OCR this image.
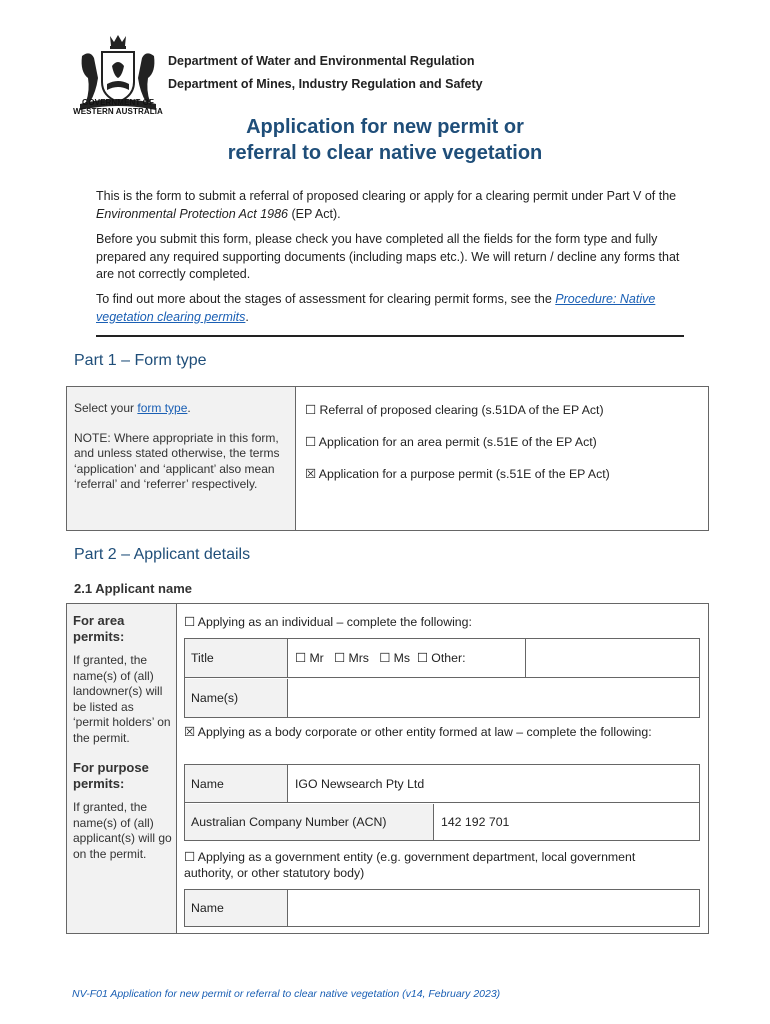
GOVERNMENT OF
WESTERN AUSTRALIA
Department of Water and Environmental Regulation
Department of Mines, Industry Regulation and Safety
Application for new permit or
referral to clear native vegetation
This is the form to submit a referral of proposed clearing or apply for a clearing permit under Part V of the Environmental Protection Act 1986 (EP Act).
Before you submit this form, please check you have completed all the fields for the form type and fully prepared any required supporting documents (including maps etc.). We will return / decline any forms that are not correctly completed.
To find out more about the stages of assessment for clearing permit forms, see the Procedure: Native vegetation clearing permits.
Part 1 – Form type
Select your form type.
NOTE: Where appropriate in this form, and unless stated otherwise, the terms ‘application’ and ‘applicant’ also mean ‘referral’ and ‘referrer’ respectively.
☐ Referral of proposed clearing (s.51DA of the EP Act)
☐ Application for an area permit (s.51E of the EP Act)
☒ Application for a purpose permit (s.51E of the EP Act)
Part 2 – Applicant details
2.1 Applicant name
For area permits:
If granted, the name(s) of (all) landowner(s) will be listed as ‘permit holders’ on the permit.
For purpose permits:
If granted, the name(s) of (all) applicant(s) will go on the permit.
☐ Applying as an individual – complete the following:
Title	☐ Mr   ☐ Mrs   ☐ Ms  ☐ Other:
Name(s)
☒ Applying as a body corporate or other entity formed at law – complete the following:
Name	IGO Newsearch Pty Ltd
Australian Company Number (ACN)	142 192 701
☐ Applying as a government entity (e.g. government department, local government authority, or other statutory body)
Name
NV-F01 Application for new permit or referral to clear native vegetation (v14, February 2023)
